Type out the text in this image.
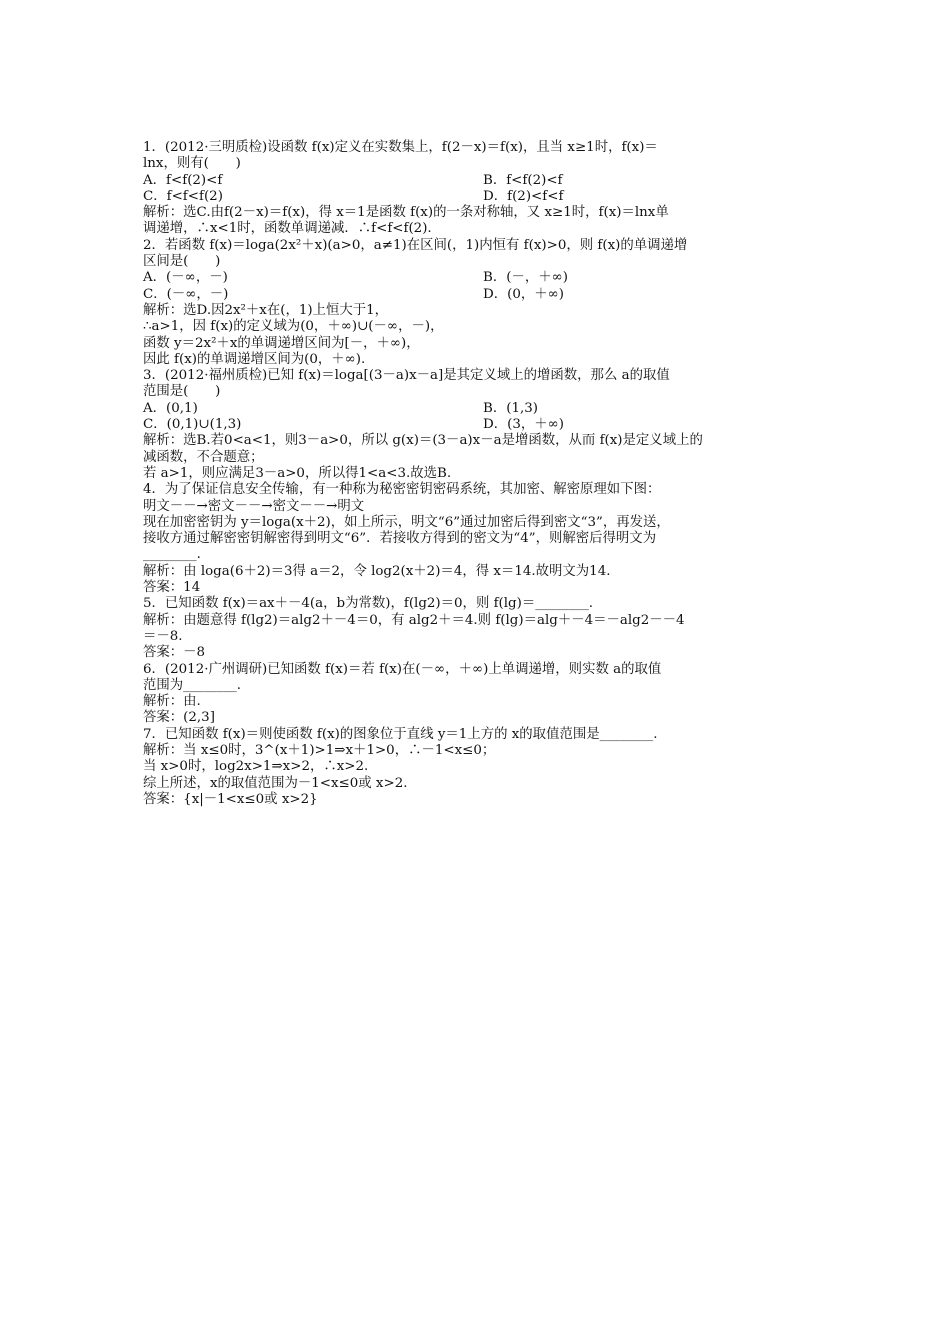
1．(2012·三明质检)设函数 f(x)定义在实数集上，f(2－x)＝f(x)，且当 x≥1时，f(x)＝
lnx，则有(　　)
A．f<f(2)<f	B．f<f(2)<f
C．f<f<f(2)	D．f(2)<f<f
解析：选C.由f(2－x)＝f(x)，得 x＝1是函数 f(x)的一条对称轴，又 x≥1时，f(x)＝lnx单
调递增，∴x<1时，函数单调递减．∴f<f<f(2).
2．若函数 f(x)＝loga(2x²＋x)(a>0，a≠1)在区间(，1)内恒有 f(x)>0，则 f(x)的单调递增
区间是(　　)
A．(－∞，－)	B．(－，＋∞)
C．(－∞，－)	D．(0，＋∞)
解析：选D.因2x²＋x在(，1)上恒大于1，
∴a>1，因 f(x)的定义域为(0，＋∞)∪(－∞，－)，
函数 y＝2x²＋x的单调递增区间为[－，＋∞)，
因此 f(x)的单调递增区间为(0，＋∞).
3．(2012·福州质检)已知 f(x)＝loga[(3－a)x－a]是其定义域上的增函数，那么 a的取值
范围是(　　)
A．(0,1)	B．(1,3)
C．(0,1)∪(1,3)	D．(3，＋∞)
解析：选B.若0<a<1，则3－a>0，所以 g(x)＝(3－a)x－a是增函数，从而 f(x)是定义域上的
减函数，不合题意；
若 a>1，则应满足3－a>0，所以得1<a<3.故选B.
4．为了保证信息安全传输，有一种称为秘密密钥密码系统，其加密、解密原理如下图：
明文－－→密文－－→密文－－→明文
现在加密密钥为 y＝loga(x＋2)，如上所示，明文“6”通过加密后得到密文“3”，再发送，
接收方通过解密密钥解密得到明文“6”．若接收方得到的密文为“4”，则解密后得明文为
________.
解析：由 loga(6＋2)＝3得 a＝2，令 log2(x＋2)＝4，得 x＝14.故明文为14.
答案：14
5．已知函数 f(x)＝ax＋－4(a，b为常数)，f(lg2)＝0，则 f(lg)＝________.
解析：由题意得 f(lg2)＝alg2＋－4＝0，有 alg2＋＝4.则 f(lg)＝alg＋－4＝－alg2－－4
＝－8.
答案：－8
6．(2012·广州调研)已知函数 f(x)＝若 f(x)在(－∞，＋∞)上单调递增，则实数 a的取值
范围为________.
解析：由.
答案：(2,3]
7．已知函数 f(x)＝则使函数 f(x)的图象位于直线 y＝1上方的 x的取值范围是________.
解析：当 x≤0时，3^(x＋1)>1⇒x＋1>0，∴－1<x≤0；
当 x>0时，log2x>1⇒x>2，∴x>2.
综上所述，x的取值范围为－1<x≤0或 x>2.
答案：{x|－1<x≤0或 x>2}
